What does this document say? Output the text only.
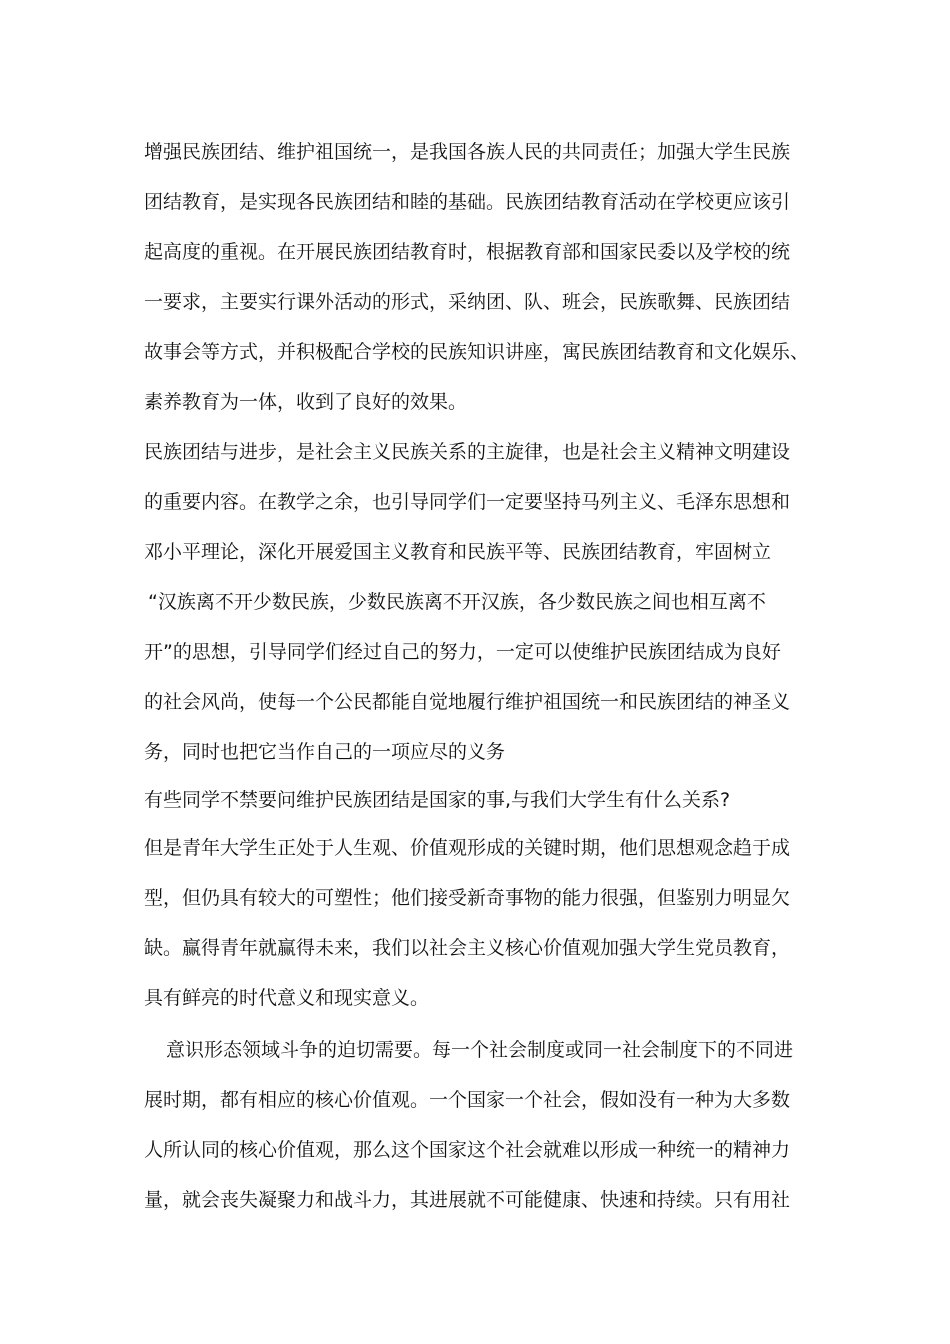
增强民族团结、维护祖国统一，是我国各族人民的共同责任；加强大学生民族
团结教育，是实现各民族团结和睦的基础。民族团结教育活动在学校更应该引
起高度的重视。在开展民族团结教育时，根据教育部和国家民委以及学校的统
一要求，主要实行课外活动的形式，采纳团、队、班会，民族歌舞、民族团结
故事会等方式，并积极配合学校的民族知识讲座，寓民族团结教育和文化娱乐、
素养教育为一体，收到了良好的效果。
民族团结与进步，是社会主义民族关系的主旋律，也是社会主义精神文明建设
的重要内容。在教学之余，也引导同学们一定要坚持马列主义、毛泽东思想和
邓小平理论，深化开展爱国主义教育和民族平等、民族团结教育，牢固树立
“汉族离不开少数民族，少数民族离不开汉族，各少数民族之间也相互离不
开”的思想，引导同学们经过自己的努力，一定可以使维护民族团结成为良好
的社会风尚，使每一个公民都能自觉地履行维护祖国统一和民族团结的神圣义
务，同时也把它当作自己的一项应尽的义务
有些同学不禁要问维护民族团结是国家的事,与我们大学生有什么关系?
但是青年大学生正处于人生观、价值观形成的关键时期，他们思想观念趋于成
型，但仍具有较大的可塑性；他们接受新奇事物的能力很强，但鉴别力明显欠
缺。赢得青年就赢得未来，我们以社会主义核心价值观加强大学生党员教育，
具有鲜亮的时代意义和现实意义。
意识形态领域斗争的迫切需要。每一个社会制度或同一社会制度下的不同进
展时期，都有相应的核心价值观。一个国家一个社会，假如没有一种为大多数
人所认同的核心价值观，那么这个国家这个社会就难以形成一种统一的精神力
量，就会丧失凝聚力和战斗力，其进展就不可能健康、快速和持续。只有用社
